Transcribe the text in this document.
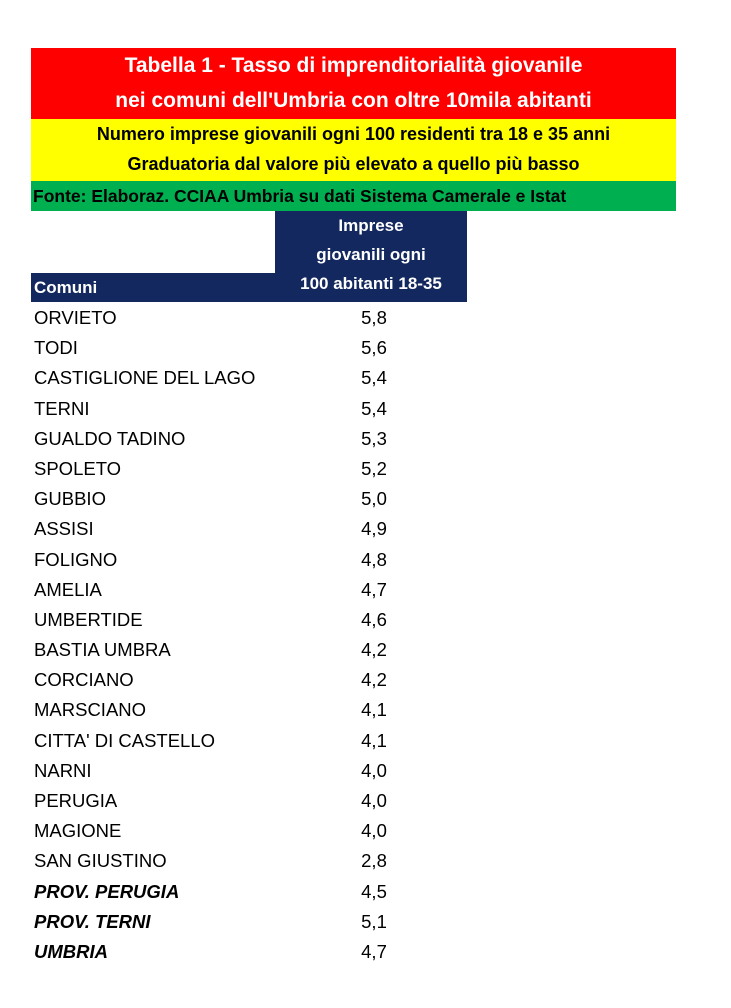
Tabella 1 - Tasso di imprenditorialità giovanile
nei comuni dell'Umbria con oltre 10mila abitanti
Numero imprese giovanili ogni 100 residenti tra 18 e 35 anni
Graduatoria dal valore più elevato a quello più basso
Fonte: Elaboraz. CCIAA Umbria su dati Sistema Camerale e Istat
Imprese
giovanili ogni
100 abitanti 18-35
Comuni
ORVIETO	5,8
TODI	5,6
CASTIGLIONE DEL LAGO	5,4
TERNI	5,4
GUALDO TADINO	5,3
SPOLETO	5,2
GUBBIO	5,0
ASSISI	4,9
FOLIGNO	4,8
AMELIA	4,7
UMBERTIDE	4,6
BASTIA UMBRA	4,2
CORCIANO	4,2
MARSCIANO	4,1
CITTA' DI CASTELLO	4,1
NARNI	4,0
PERUGIA	4,0
MAGIONE	4,0
SAN GIUSTINO	2,8
PROV. PERUGIA	4,5
PROV. TERNI	5,1
UMBRIA	4,7
